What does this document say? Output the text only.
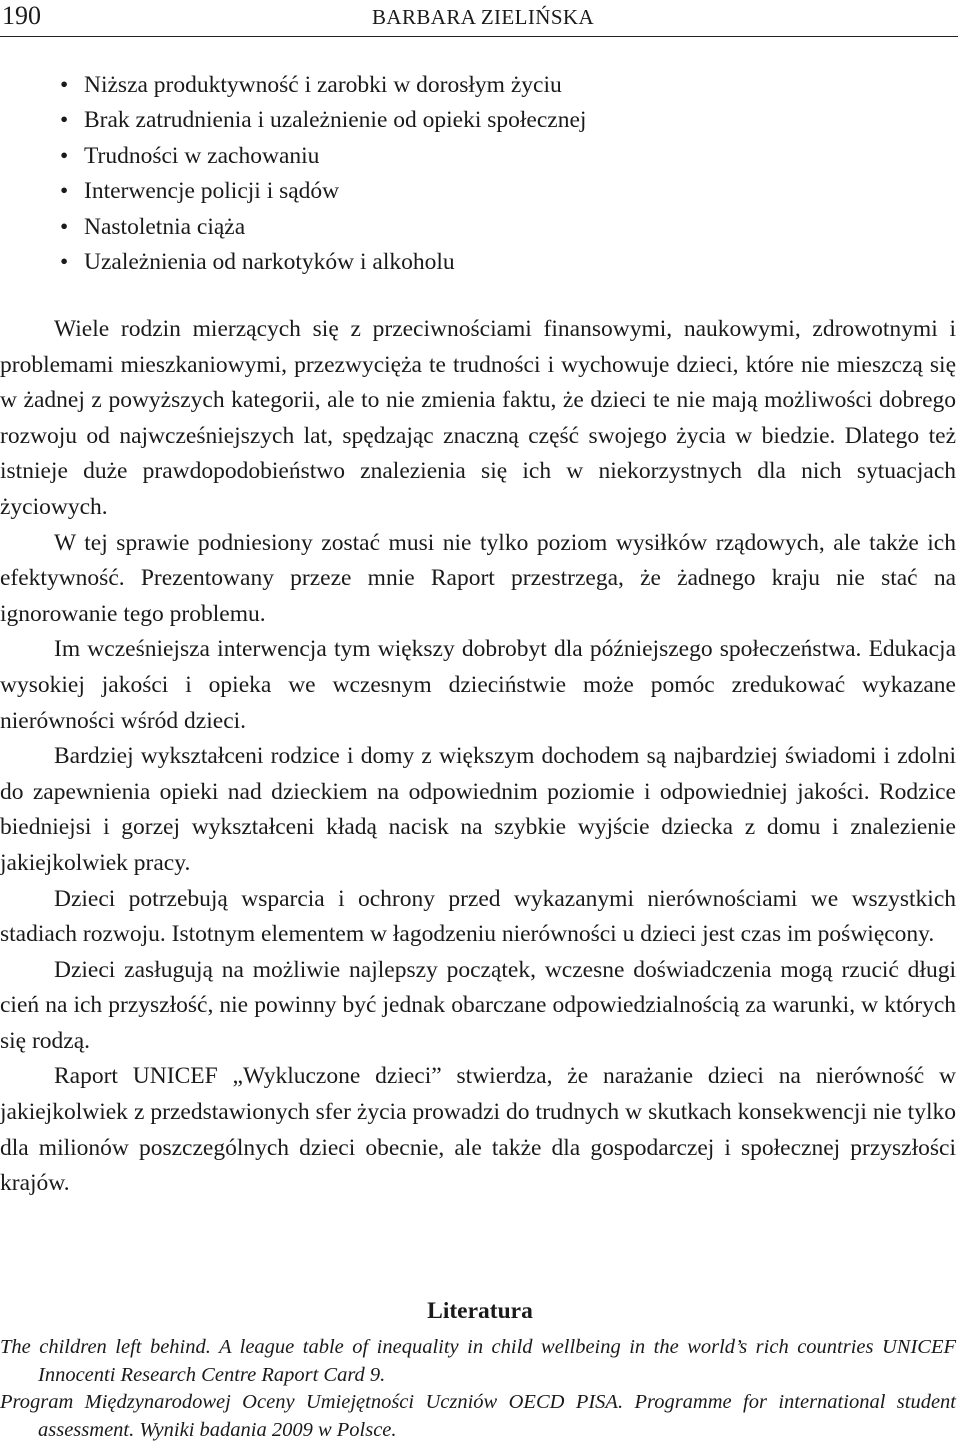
190	BARBARA ZIELIŃSKA
• Niższa produktywność i zarobki w dorosłym życiu
• Brak zatrudnienia i uzależnienie od opieki społecznej
• Trudności w zachowaniu
• Interwencje policji i sądów
• Nastoletnia ciąża
• Uzależnienia od narkotyków i alkoholu

Wiele rodzin mierzących się z przeciwnościami finansowymi, naukowymi, zdrowotnymi i problemami mieszkaniowymi, przezwycięża te trudności i wychowuje dzieci, które nie mieszczą się w żadnej z powyższych kategorii, ale to nie zmienia faktu, że dzieci te nie mają możliwości dobrego rozwoju od najwcześniejszych lat, spędzając znaczną część swojego życia w biedzie. Dlatego też istnieje duże prawdopodobieństwo znalezienia się ich w niekorzystnych dla nich sytuacjach życiowych.

W tej sprawie podniesiony zostać musi nie tylko poziom wysiłków rządowych, ale także ich efektywność. Prezentowany przeze mnie Raport przestrzega, że żadnego kraju nie stać na ignorowanie tego problemu.

Im wcześniejsza interwencja tym większy dobrobyt dla późniejszego społeczeństwa. Edukacja wysokiej jakości i opieka we wczesnym dzieciństwie może pomóc zredukować wykazane nierówności wśród dzieci.

Bardziej wykształceni rodzice i domy z większym dochodem są najbardziej świadomi i zdolni do zapewnienia opieki nad dzieckiem na odpowiednim poziomie i odpowiedniej jakości. Rodzice biedniejsi i gorzej wykształceni kładą nacisk na szybkie wyjście dziecka z domu i znalezienie jakiejkolwiek pracy.

Dzieci potrzebują wsparcia i ochrony przed wykazanymi nierównościami we wszystkich stadiach rozwoju. Istotnym elementem w łagodzeniu nierówności u dzieci jest czas im poświęcony.

Dzieci zasługują na możliwie najlepszy początek, wczesne doświadczenia mogą rzucić długi cień na ich przyszłość, nie powinny być jednak obarczane odpowiedzialnością za warunki, w których się rodzą.

Raport UNICEF „Wykluczone dzieci” stwierdza, że narażanie dzieci na nierówność w jakiejkolwiek z przedstawionych sfer życia prowadzi do trudnych w skutkach konsekwencji nie tylko dla milionów poszczególnych dzieci obecnie, ale także dla gospodarczej i społecznej przyszłości krajów.

Literatura

The children left behind. A league table of inequality in child wellbeing in the world’s rich countries UNICEF Innocenti Research Centre Raport Card 9.

Program Międzynarodowej Oceny Umiejętności Uczniów OECD PISA. Programme for international student assessment. Wyniki badania 2009 w Polsce.
